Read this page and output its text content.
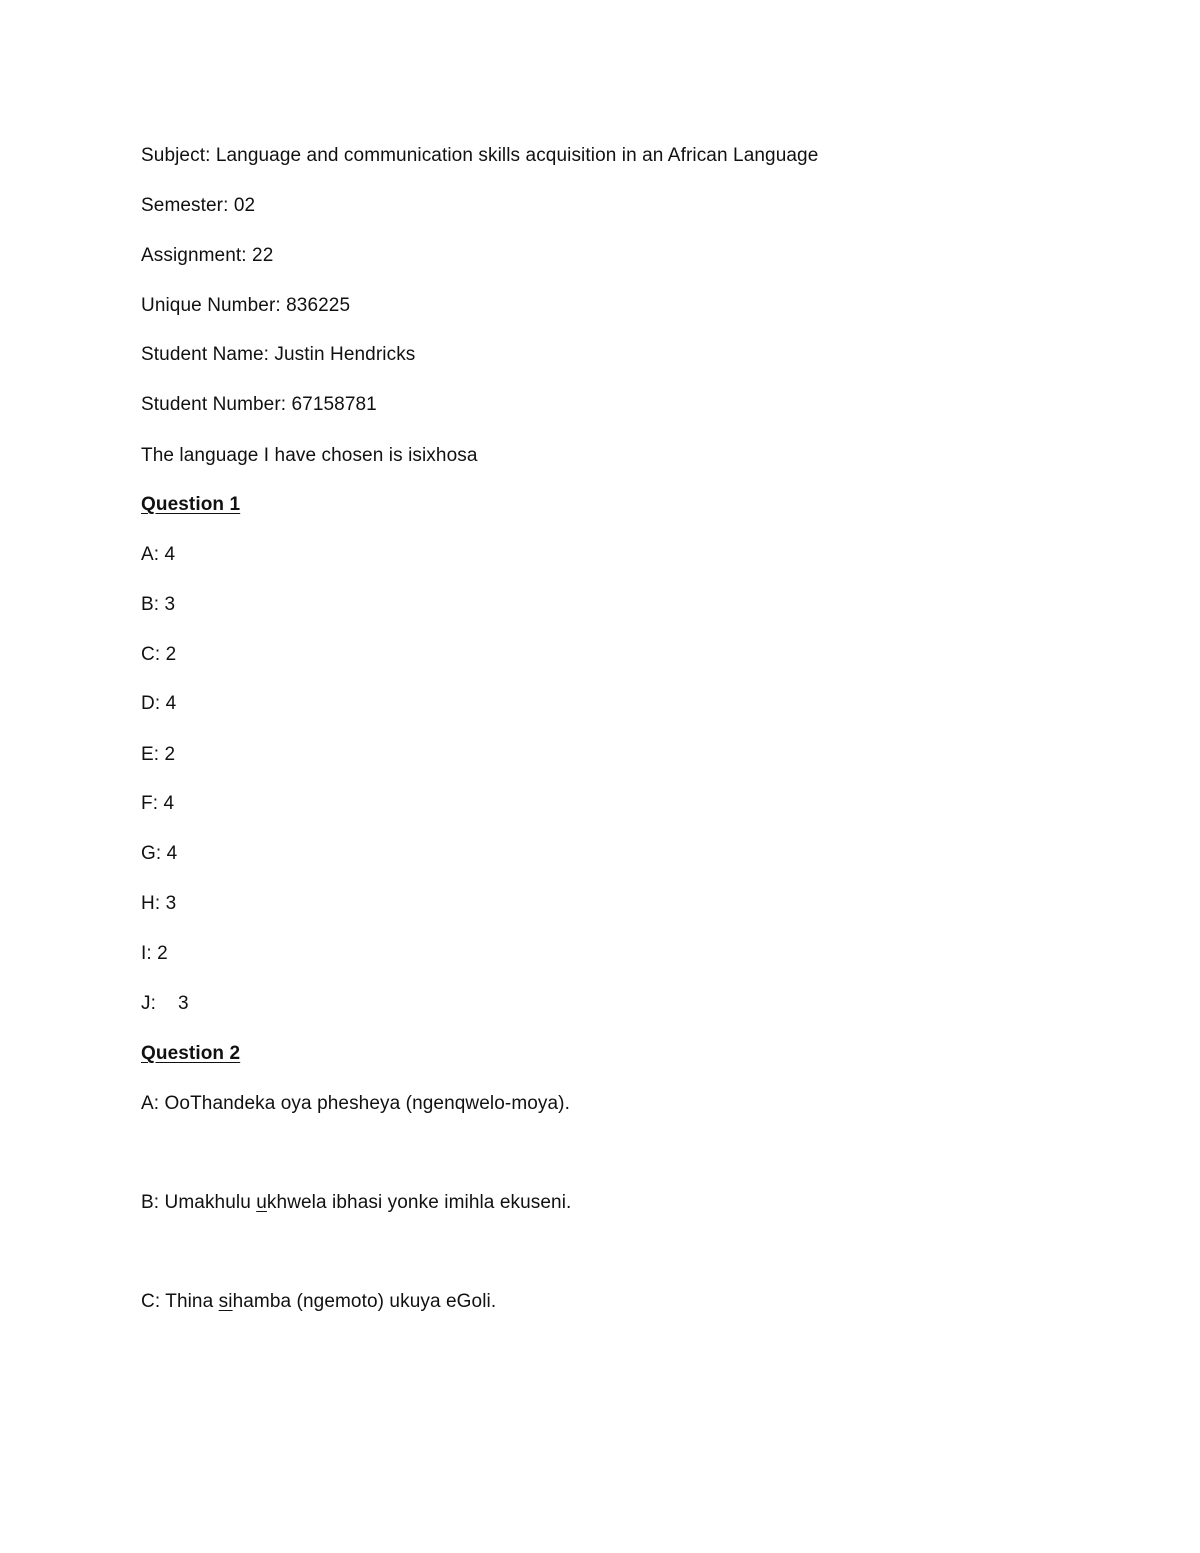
Subject: Language and communication skills acquisition in an African Language
Semester: 02
Assignment: 22
Unique Number: 836225
Student Name: Justin Hendricks
Student Number: 67158781
The language I have chosen is isixhosa
Question 1
A: 4
B: 3
C: 2
D: 4
E: 2
F: 4
G: 4
H: 3
I: 2
J: 3
Question 2
A: OoThandeka oya phesheya (ngenqwelo-moya).
B: Umakhulu ukhwela ibhasi yonke imihla ekuseni.
C: Thina sihamba (ngemoto) ukuya eGoli.
